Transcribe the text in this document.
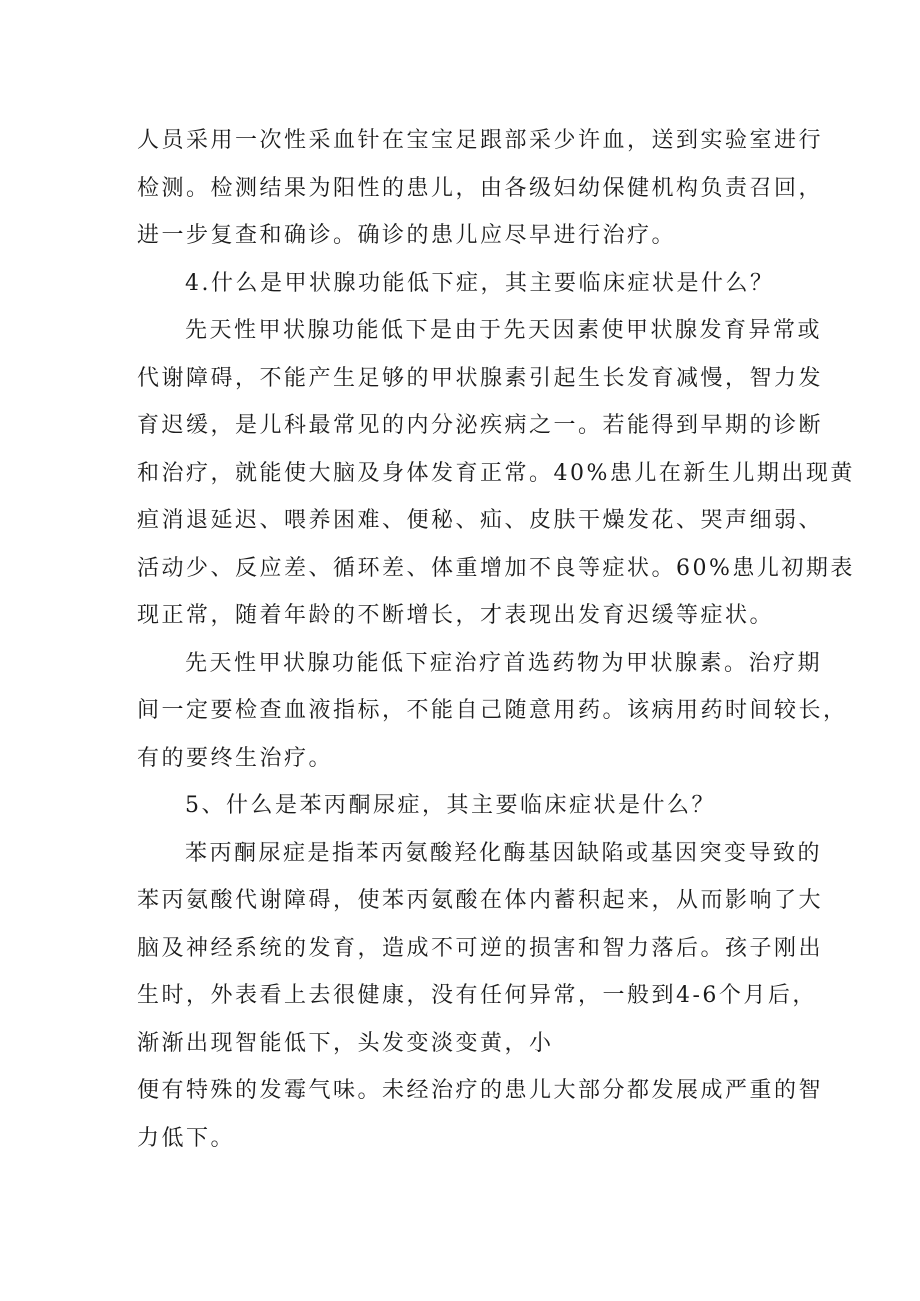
人员采用一次性采血针在宝宝足跟部采少许血，送到实验室进行
检测。检测结果为阳性的患儿，由各级妇幼保健机构负责召回，
进一步复查和确诊。确诊的患儿应尽早进行治疗。
4.什么是甲状腺功能低下症，其主要临床症状是什么？
先天性甲状腺功能低下是由于先天因素使甲状腺发育异常或
代谢障碍，不能产生足够的甲状腺素引起生长发育减慢，智力发
育迟缓，是儿科最常见的内分泌疾病之一。若能得到早期的诊断
和治疗，就能使大脑及身体发育正常。40%患儿在新生儿期出现黄
疸消退延迟、喂养困难、便秘、疝、皮肤干燥发花、哭声细弱、
活动少、反应差、循环差、体重增加不良等症状。60%患儿初期表
现正常，随着年龄的不断增长，才表现出发育迟缓等症状。
先天性甲状腺功能低下症治疗首选药物为甲状腺素。治疗期
间一定要检查血液指标，不能自己随意用药。该病用药时间较长，
有的要终生治疗。
5、什么是苯丙酮尿症，其主要临床症状是什么？
苯丙酮尿症是指苯丙氨酸羟化酶基因缺陷或基因突变导致的
苯丙氨酸代谢障碍，使苯丙氨酸在体内蓄积起来，从而影响了大
脑及神经系统的发育，造成不可逆的损害和智力落后。孩子刚出
生时，外表看上去很健康，没有任何异常，一般到4-6个月后，
渐渐出现智能低下，头发变淡变黄，小
便有特殊的发霉气味。未经治疗的患儿大部分都发展成严重的智
力低下。
